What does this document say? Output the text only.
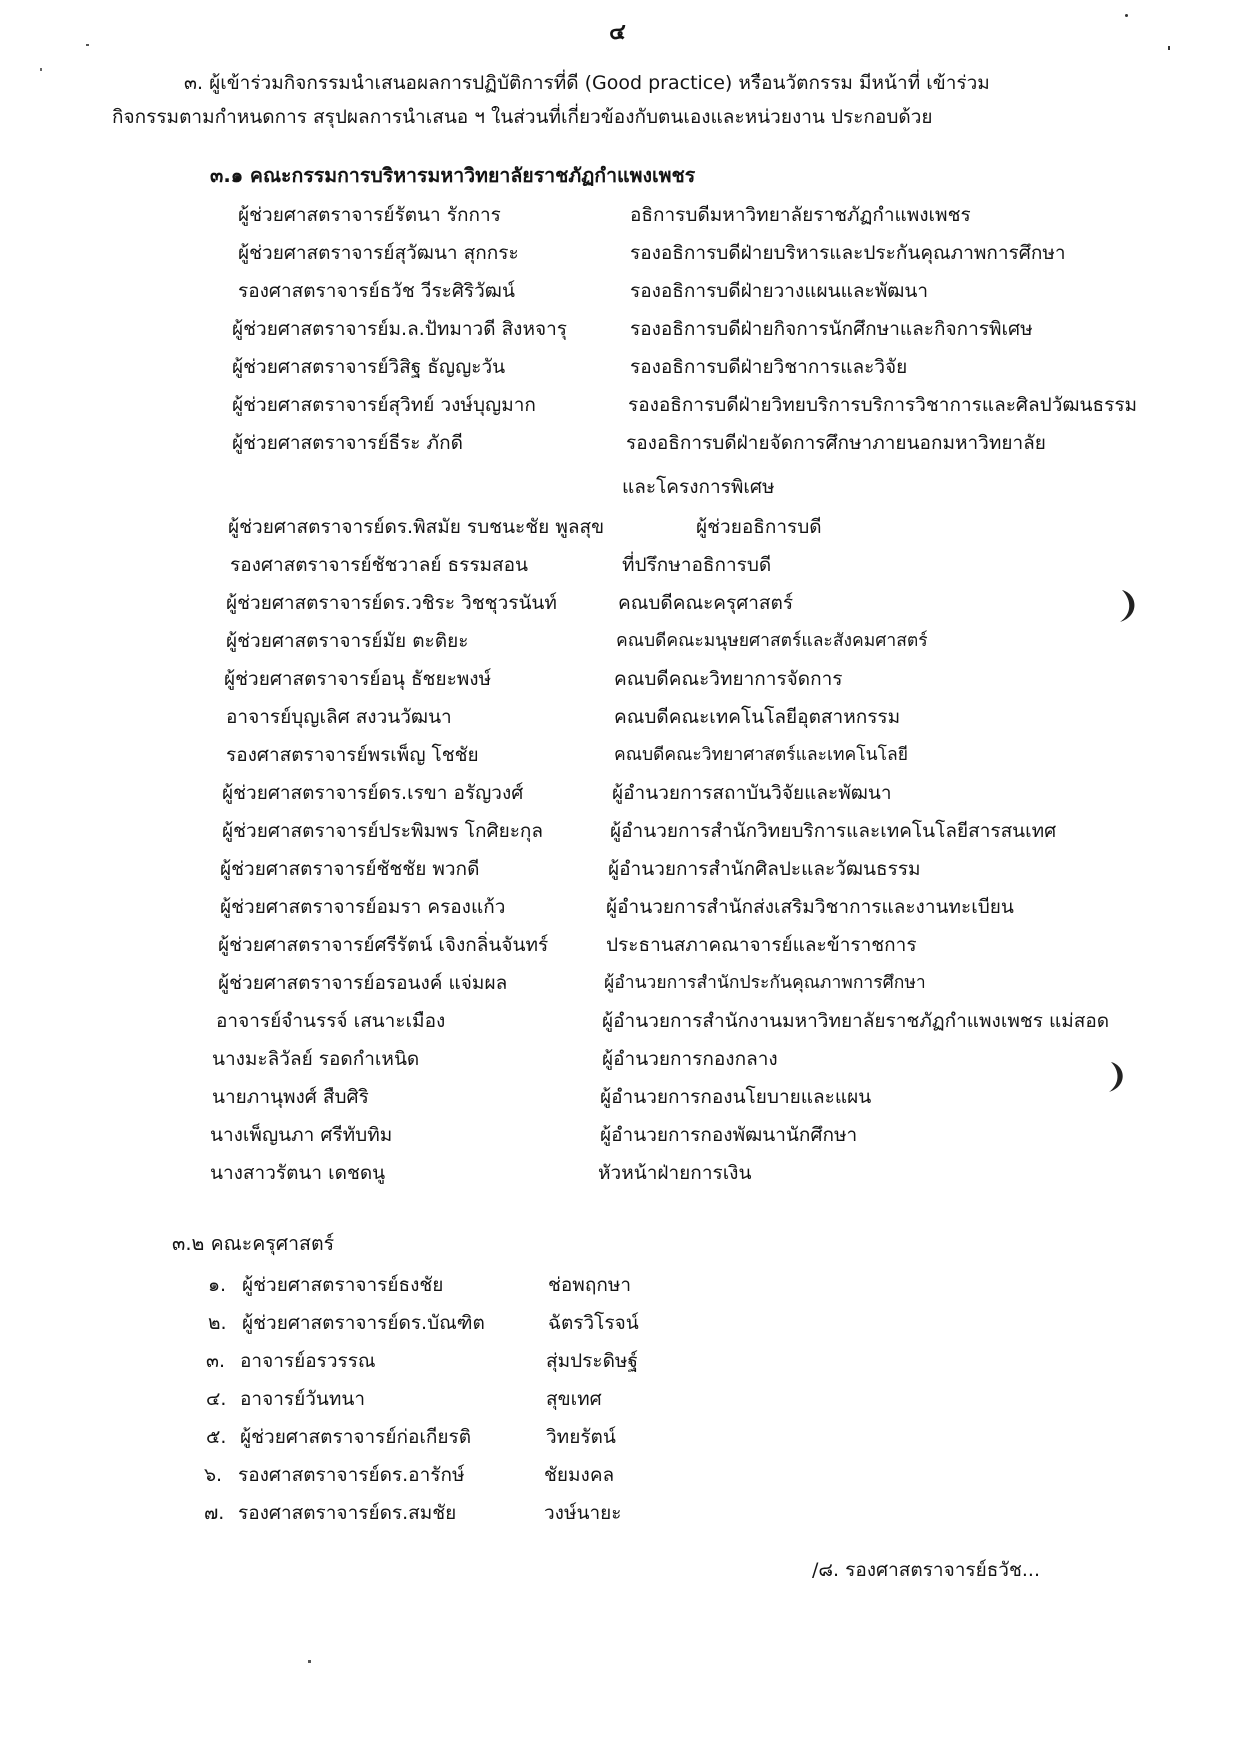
๔
๓. ผู้เข้าร่วมกิจกรรมนำเสนอผลการปฏิบัติการที่ดี (Good practice) หรือนวัตกรรม มีหน้าที่ เข้าร่วม
กิจกรรมตามกำหนดการ สรุปผลการนำเสนอ ฯ ในส่วนที่เกี่ยวข้องกับตนเองและหน่วยงาน ประกอบด้วย
๓.๑ คณะกรรมการบริหารมหาวิทยาลัยราชภัฏกำแพงเพชร
ผู้ช่วยศาสตราจารย์รัตนา รักการ	อธิการบดีมหาวิทยาลัยราชภัฏกำแพงเพชร
ผู้ช่วยศาสตราจารย์สุวัฒนา สุกกระ	รองอธิการบดีฝ่ายบริหารและประกันคุณภาพการศึกษา
รองศาสตราจารย์ธวัช วีระศิริวัฒน์	รองอธิการบดีฝ่ายวางแผนและพัฒนา
ผู้ช่วยศาสตราจารย์ม.ล.ปัทมาวดี สิงหจารุ	รองอธิการบดีฝ่ายกิจการนักศึกษาและกิจการพิเศษ
ผู้ช่วยศาสตราจารย์วิสิฐ ธัญญะวัน	รองอธิการบดีฝ่ายวิชาการและวิจัย
ผู้ช่วยศาสตราจารย์สุวิทย์ วงษ์บุญมาก	รองอธิการบดีฝ่ายวิทยบริการบริการวิชาการและศิลปวัฒนธรรม
ผู้ช่วยศาสตราจารย์ธีระ ภักดี	รองอธิการบดีฝ่ายจัดการศึกษาภายนอกมหาวิทยาลัย
และโครงการพิเศษ
ผู้ช่วยศาสตราจารย์ดร.พิสมัย รบชนะชัย พูลสุข	ผู้ช่วยอธิการบดี
รองศาสตราจารย์ชัชวาลย์ ธรรมสอน	ที่ปรึกษาอธิการบดี
ผู้ช่วยศาสตราจารย์ดร.วชิระ วิชชุวรนันท์	คณบดีคณะครุศาสตร์
ผู้ช่วยศาสตราจารย์มัย ตะติยะ	คณบดีคณะมนุษยศาสตร์และสังคมศาสตร์
ผู้ช่วยศาสตราจารย์อนุ ธัชยะพงษ์	คณบดีคณะวิทยาการจัดการ
อาจารย์บุญเลิศ สงวนวัฒนา	คณบดีคณะเทคโนโลยีอุตสาหกรรม
รองศาสตราจารย์พรเพ็ญ โชชัย	คณบดีคณะวิทยาศาสตร์และเทคโนโลยี
ผู้ช่วยศาสตราจารย์ดร.เรขา อรัญวงศ์	ผู้อำนวยการสถาบันวิจัยและพัฒนา
ผู้ช่วยศาสตราจารย์ประพิมพร โกศิยะกุล	ผู้อำนวยการสำนักวิทยบริการและเทคโนโลยีสารสนเทศ
ผู้ช่วยศาสตราจารย์ชัชชัย พวกดี	ผู้อำนวยการสำนักศิลปะและวัฒนธรรม
ผู้ช่วยศาสตราจารย์อมรา ครองแก้ว	ผู้อำนวยการสำนักส่งเสริมวิชาการและงานทะเบียน
ผู้ช่วยศาสตราจารย์ศรีรัตน์ เจิงกลิ่นจันทร์	ประธานสภาคณาจารย์และข้าราชการ
ผู้ช่วยศาสตราจารย์อรอนงค์ แจ่มผล	ผู้อำนวยการสำนักประกันคุณภาพการศึกษา
อาจารย์จำนรรจ์ เสนาะเมือง	ผู้อำนวยการสำนักงานมหาวิทยาลัยราชภัฏกำแพงเพชร แม่สอด
นางมะลิวัลย์ รอดกำเหนิด	ผู้อำนวยการกองกลาง
นายภานุพงศ์ สืบศิริ	ผู้อำนวยการกองนโยบายและแผน
นางเพ็ญนภา ศรีทับทิม	ผู้อำนวยการกองพัฒนานักศึกษา
นางสาวรัตนา เดชดนู	หัวหน้าฝ่ายการเงิน
๓.๒ คณะครุศาสตร์
๑. ผู้ช่วยศาสตราจารย์ธงชัย	ช่อพฤกษา
๒. ผู้ช่วยศาสตราจารย์ดร.บัณฑิต	ฉัตรวิโรจน์
๓. อาจารย์อรวรรณ	สุ่มประดิษฐ์
๔. อาจารย์วันทนา	สุขเทศ
๕. ผู้ช่วยศาสตราจารย์ก่อเกียรติ	วิทยรัตน์
๖. รองศาสตราจารย์ดร.อารักษ์	ชัยมงคล
๗. รองศาสตราจารย์ดร.สมชัย	วงษ์นายะ
/๘. รองศาสตราจารย์ธวัช...
